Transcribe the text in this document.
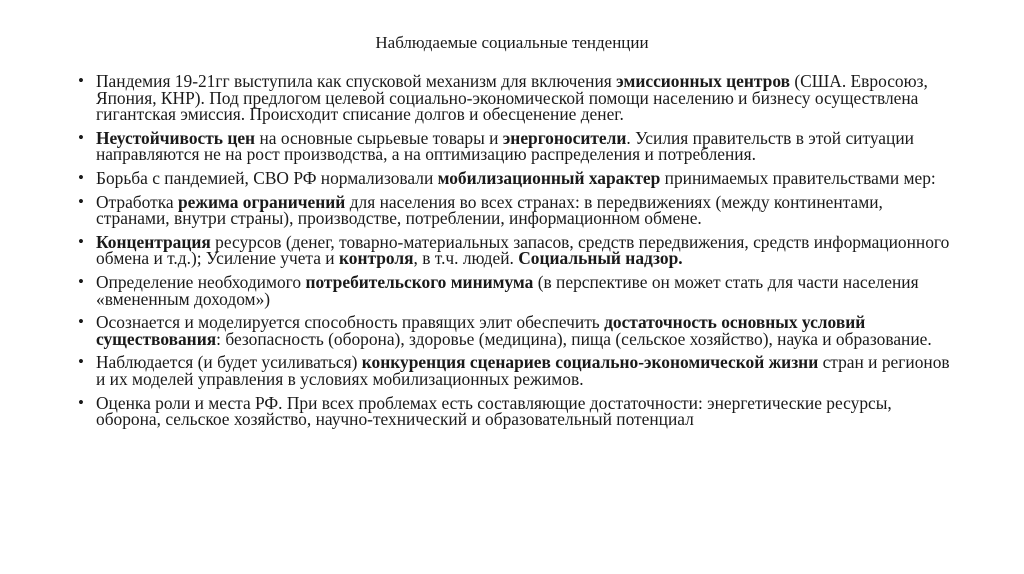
Наблюдаемые социальные тенденции
• Пандемия 19-21гг выступила как спусковой механизм для включения эмиссионных центров (США. Евросоюз, Япония, КНР). Под предлогом целевой социально-экономической помощи населению и бизнесу осуществлена гигантская эмиссия. Происходит списание долгов и обесценение денег.
• Неустойчивость цен на основные сырьевые товары и энергоносители. Усилия правительств в этой ситуации направляются не на рост производства, а на оптимизацию распределения и потребления.
• Борьба с пандемией, СВО РФ нормализовали мобилизационный характер принимаемых правительствами мер:
• Отработка режима ограничений для населения во всех странах: в передвижениях (между континентами, странами, внутри страны), производстве, потреблении, информационном обмене.
• Концентрация ресурсов (денег, товарно-материальных запасов, средств передвижения, средств информационного обмена и т.д.); Усиление учета и контроля, в т.ч. людей. Социальный надзор.
• Определение необходимого потребительского минимума (в перспективе он может стать для части населения «вмененным доходом»)
• Осознается и моделируется способность правящих элит обеспечить достаточность основных условий существования: безопасность (оборона), здоровье (медицина), пища (сельское хозяйство), наука и образование.
• Наблюдается (и будет усиливаться) конкуренция сценариев социально-экономической жизни стран и регионов и их моделей управления в условиях мобилизационных режимов.
• Оценка роли и места РФ. При всех проблемах есть составляющие достаточности: энергетические ресурсы, оборона, сельское хозяйство, научно-технический и образовательный потенциал
